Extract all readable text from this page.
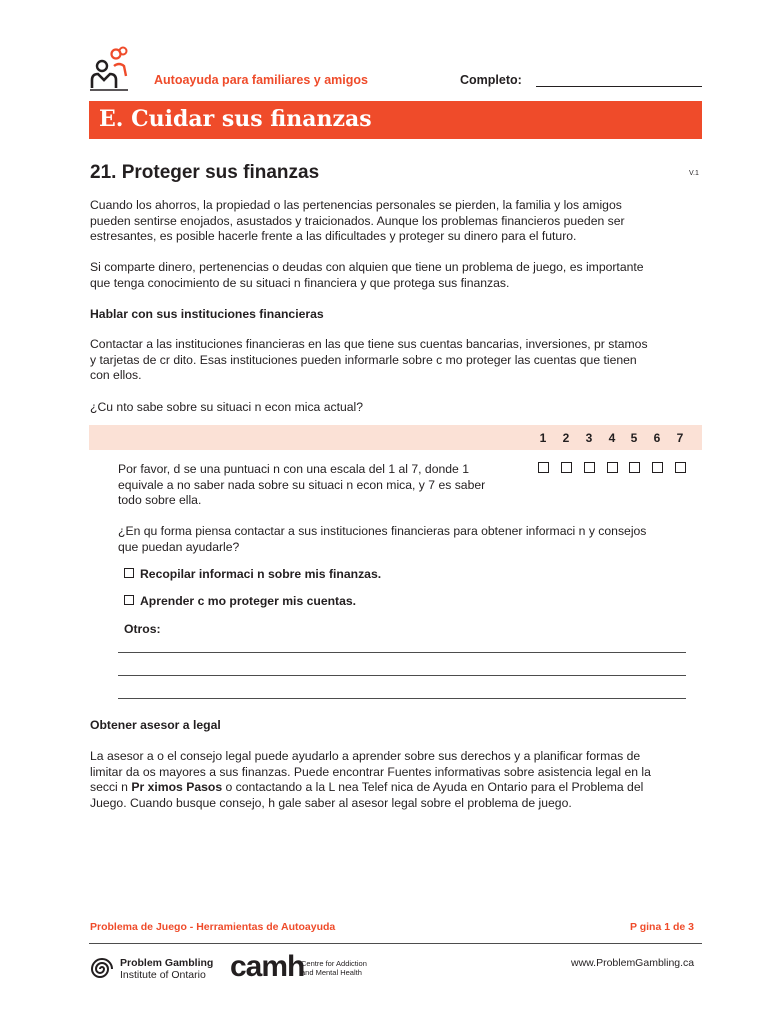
Autoayuda para familiares y amigos	Completo:
E. Cuidar sus finanzas
21. Proteger sus finanzas	V.1
Cuando los ahorros, la propiedad o las pertenencias personales se pierden, la familia y los amigos
pueden sentirse enojados, asustados y traicionados. Aunque los problemas financieros pueden ser
estresantes, es posible hacerle frente a las dificultades y proteger su dinero para el futuro.
Si comparte dinero, pertenencias o deudas con alquien que tiene un problema de juego, es importante
que tenga conocimiento de su situaci n financiera y que protega sus finanzas.
Hablar con sus instituciones financieras
Contactar a las instituciones financieras en las que tiene sus cuentas bancarias, inversiones, pr stamos
y tarjetas de cr dito. Esas instituciones pueden informarle sobre c mo proteger las cuentas que tienen
con ellos.
¿Cu nto sabe sobre su situaci n econ mica actual?
1	2	3	4	5	6	7
Por favor, d se una puntuaci n con una escala del 1 al 7, donde 1
equivale a no saber nada sobre su situaci n econ mica, y 7 es saber
todo sobre ella.
¿En qu forma piensa contactar a sus instituciones financieras para obtener informaci n y consejos
que puedan ayudarle?
Recopilar informaci n sobre mis finanzas.
Aprender c mo proteger mis cuentas.
Otros:
Obtener asesor a legal
La asesor a o el consejo legal puede ayudarlo a aprender sobre sus derechos y a planificar formas de
limitar da os mayores a sus finanzas. Puede encontrar Fuentes informativas sobre asistencia legal en la
secci n Pr ximos Pasos o contactando a la L nea Telef nica de Ayuda en Ontario para el Problema del
Juego. Cuando busque consejo, h gale saber al asesor legal sobre el problema de juego.
Problema de Juego - Herramientas de Autoayuda	P gina 1 de 3
Problem Gambling
Institute of Ontario camh
Centre for Addiction
and Mental Health
www.ProblemGambling.ca
